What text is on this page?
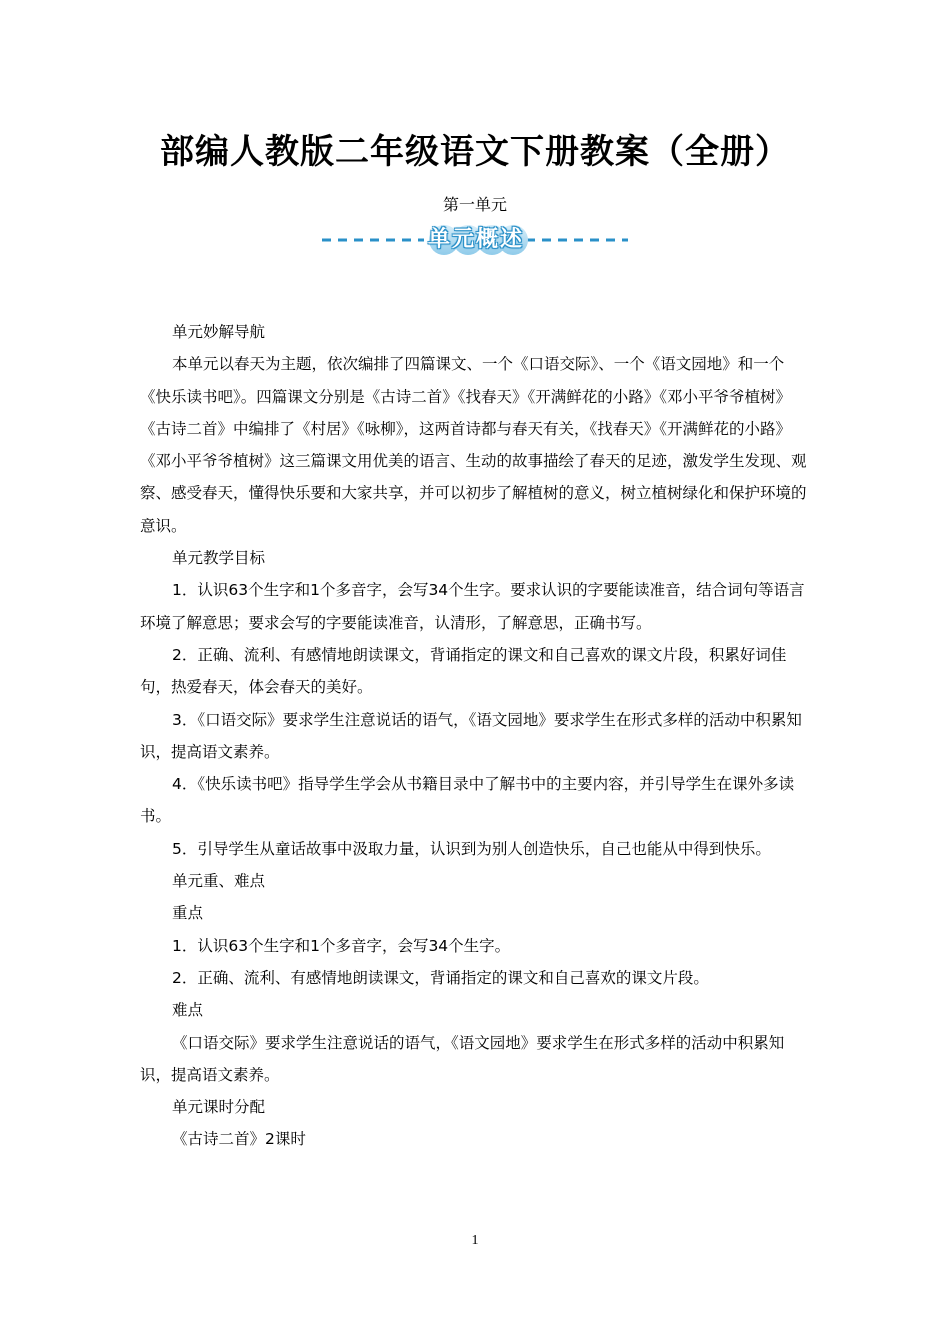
部编人教版二年级语文下册教案（全册）
第一单元
单元概述

单元妙解导航

本单元以春天为主题，依次编排了四篇课文、一个《口语交际》、一个《语文园地》和一个《快乐读书吧》。四篇课文分别是《古诗二首》《找春天》《开满鲜花的小路》《邓小平爷爷植树》《古诗二首》中编排了《村居》《咏柳》，这两首诗都与春天有关，《找春天》《开满鲜花的小路》《邓小平爷爷植树》这三篇课文用优美的语言、生动的故事描绘了春天的足迹，激发学生发现、观察、感受春天，懂得快乐要和大家共享，并可以初步了解植树的意义，树立植树绿化和保护环境的意识。

单元教学目标

1．认识63个生字和1个多音字，会写34个生字。要求认识的字要能读准音，结合词句等语言环境了解意思；要求会写的字要能读准音，认清形，了解意思，正确书写。

2．正确、流利、有感情地朗读课文，背诵指定的课文和自己喜欢的课文片段，积累好词佳句，热爱春天，体会春天的美好。

3．《口语交际》要求学生注意说话的语气，《语文园地》要求学生在形式多样的活动中积累知识，提高语文素养。

4．《快乐读书吧》指导学生学会从书籍目录中了解书中的主要内容，并引导学生在课外多读书。

5．引导学生从童话故事中汲取力量，认识到为别人创造快乐，自己也能从中得到快乐。

单元重、难点

重点

1．认识63个生字和1个多音字，会写34个生字。

2．正确、流利、有感情地朗读课文，背诵指定的课文和自己喜欢的课文片段。

难点

《口语交际》要求学生注意说话的语气，《语文园地》要求学生在形式多样的活动中积累知识，提高语文素养。

单元课时分配

《古诗二首》2课时

1
